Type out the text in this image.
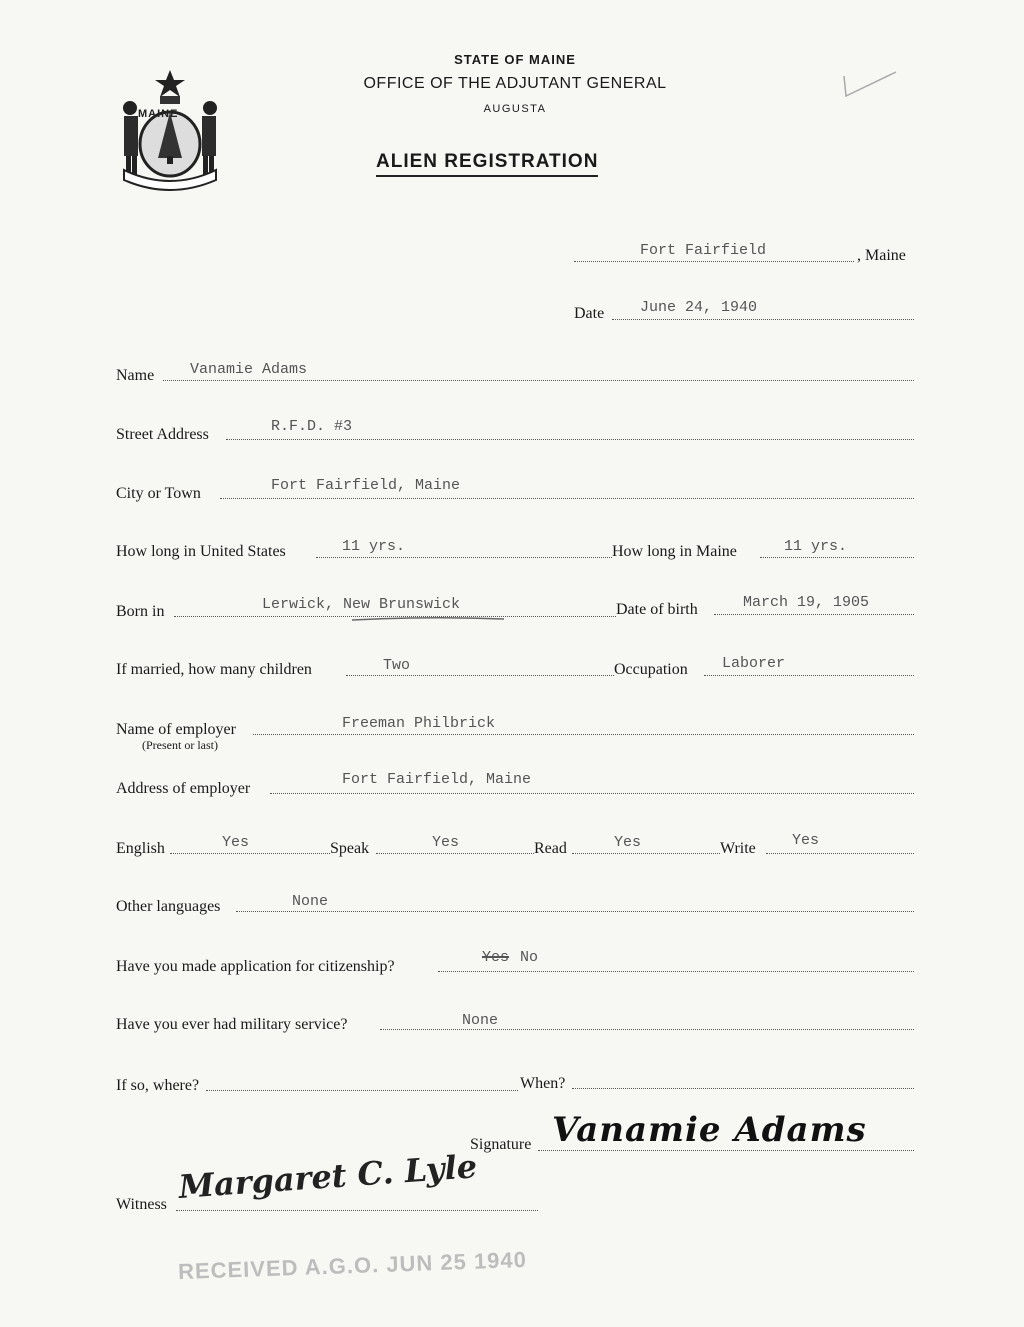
MAINE
STATE OF MAINE
OFFICE OF THE ADJUTANT GENERAL
AUGUSTA
ALIEN REGISTRATION
Fort Fairfield	, Maine
Date June 24, 1940
Name Vanamie Adams
Street Address	R.F.D. #3
City or Town	Fort Fairfield, Maine
How long in United States	11 yrs.	How long in Maine	11 yrs.
Born in	Lerwick, New Brunswick	Date of birth	March 19, 1905
If married, how many children	Two	Occupation Laborer
Name of employer
(Present or last)
Freeman Philbrick
Address of employer
Fort Fairfield, Maine
English	Yes	Speak	Yes	Read	Yes	Write Yes
Other languages	None
Have you made application for citizenship?
Yes No
Have you ever had military service?	None
If so, where?	When?
Signature Vanamie Adams
Witness Margaret C. Lyle
RECEIVED A.G.O. JUN 25 1940
